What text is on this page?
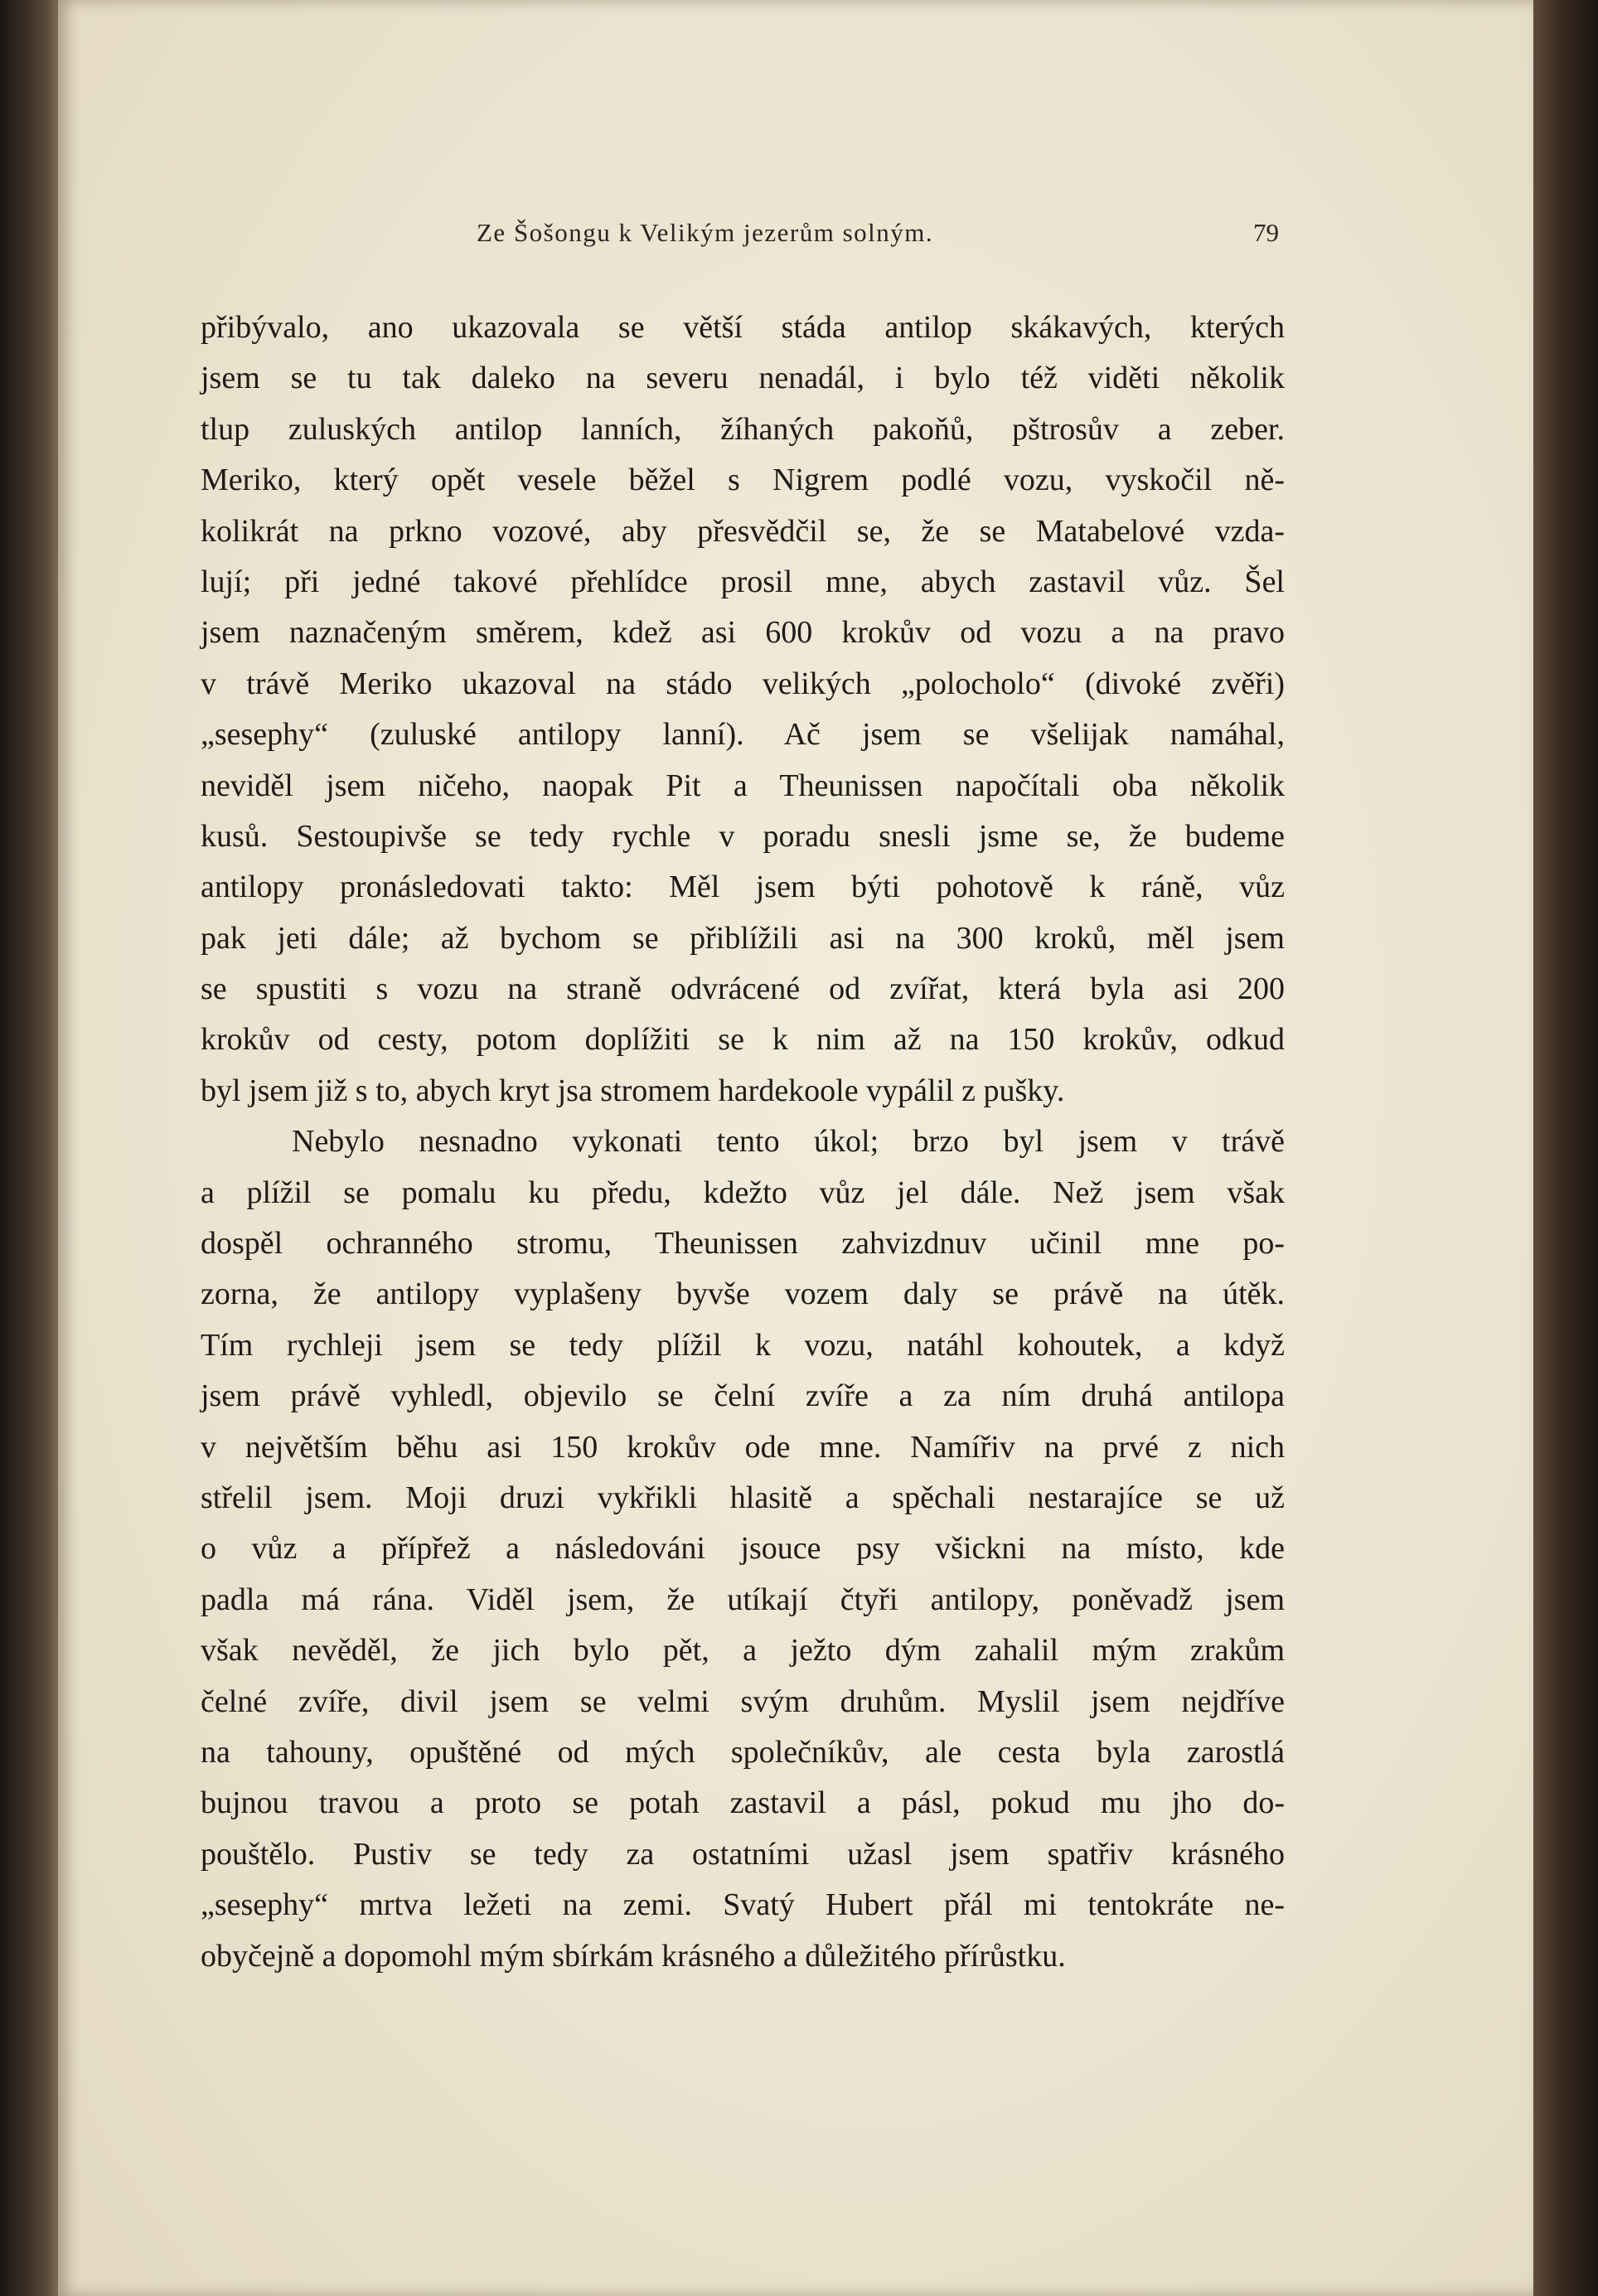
Ze Šošongu k Velikým jezerům solným.	79
přibývalo, ano ukazovala se větší stáda antilop skákavých, kterých
jsem se tu tak daleko na severu nenadál, i bylo též viděti několik
tlup zuluských antilop lanních, žíhaných pakoňů, pštrosův a zeber.
Meriko, který opět vesele běžel s Nigrem podlé vozu, vyskočil ně-
kolikrát na prkno vozové, aby přesvědčil se, že se Matabelové vzda-
lují; při jedné takové přehlídce prosil mne, abych zastavil vůz. Šel
jsem naznačeným směrem, kdež asi 600 krokův od vozu a na pravo
v trávě Meriko ukazoval na stádo velikých „polocholo“ (divoké zvěři)
„sesephy“ (zuluské antilopy lanní). Ač jsem se všelijak namáhal,
neviděl jsem ničeho, naopak Pit a Theunissen napočítali oba několik
kusů. Sestoupivše se tedy rychle v poradu snesli jsme se, že budeme
antilopy pronásledovati takto: Měl jsem býti pohotově k ráně, vůz
pak jeti dále; až bychom se přiblížili asi na 300 kroků, měl jsem
se spustiti s vozu na straně odvrácené od zvířat, která byla asi 200
krokův od cesty, potom doplížiti se k nim až na 150 krokův, odkud
byl jsem již s to, abych kryt jsa stromem hardekoole vypálil z pušky.
Nebylo nesnadno vykonati tento úkol; brzo byl jsem v trávě
a plížil se pomalu ku předu, kdežto vůz jel dále. Než jsem však
dospěl ochranného stromu, Theunissen zahvizdnuv učinil mne po-
zorna, že antilopy vyplašeny byvše vozem daly se právě na útěk.
Tím rychleji jsem se tedy plížil k vozu, natáhl kohoutek, a když
jsem právě vyhledl, objevilo se čelní zvíře a za ním druhá antilopa
v největším běhu asi 150 krokův ode mne. Namířiv na prvé z nich
střelil jsem. Moji druzi vykřikli hlasitě a spěchali nestarajíce se už
o vůz a přípřež a následováni jsouce psy všickni na místo, kde
padla má rána. Viděl jsem, že utíkají čtyři antilopy, poněvadž jsem
však nevěděl, že jich bylo pět, a ježto dým zahalil mým zrakům
čelné zvíře, divil jsem se velmi svým druhům. Myslil jsem nejdříve
na tahouny, opuštěné od mých společníkův, ale cesta byla zarostlá
bujnou travou a proto se potah zastavil a pásl, pokud mu jho do-
pouštělo. Pustiv se tedy za ostatními užasl jsem spatřiv krásného
„sesephy“ mrtva ležeti na zemi. Svatý Hubert přál mi tentokráte ne-
obyčejně a dopomohl mým sbírkám krásného a důležitého přírůstku.
